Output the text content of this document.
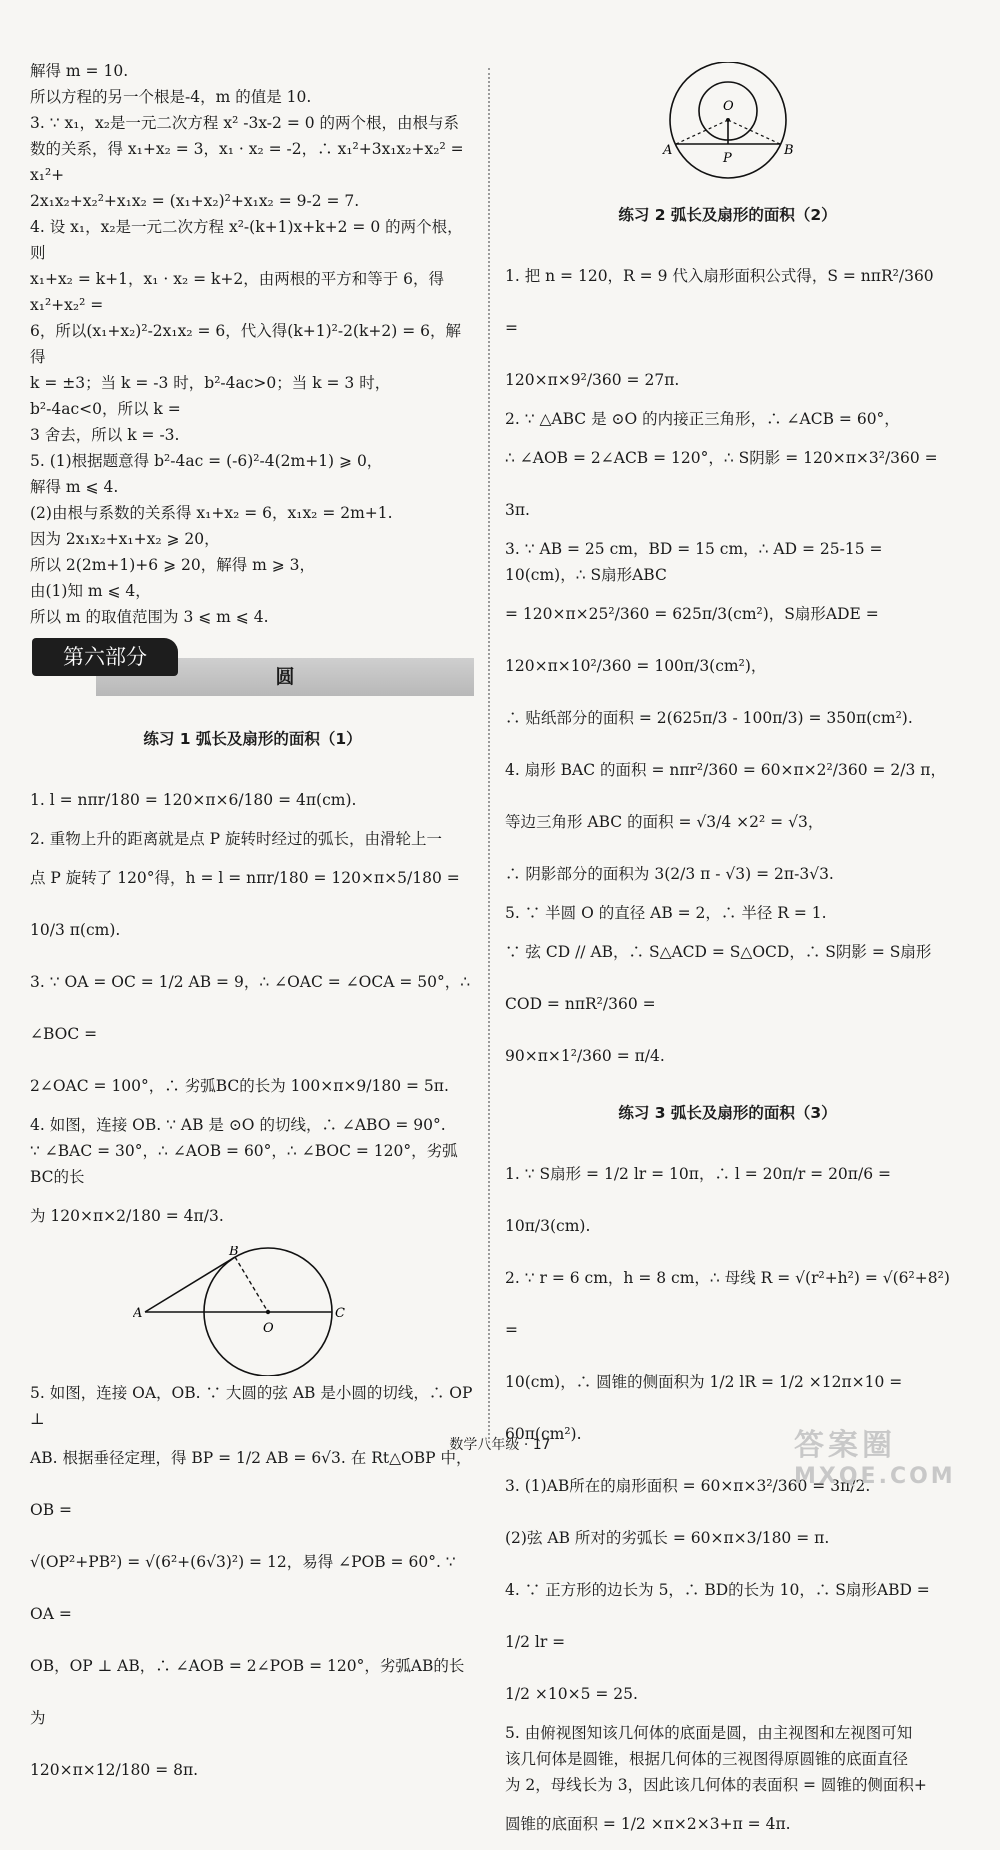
解得 m = 10.

所以方程的另一个根是-4，m 的值是 10.

3. ∵ x₁，x₂是一元二次方程 x² -3x-2 = 0 的两个根，由根与系

数的关系，得 x₁+x₂ = 3，x₁ · x₂ = -2，∴ x₁²+3x₁x₂+x₂² = x₁²+

2x₁x₂+x₂²+x₁x₂ = (x₁+x₂)²+x₁x₂ = 9-2 = 7.

4. 设 x₁，x₂是一元二次方程 x²-(k+1)x+k+2 = 0 的两个根，则

x₁+x₂ = k+1，x₁ · x₂ = k+2，由两根的平方和等于 6，得 x₁²+x₂² =

6，所以(x₁+x₂)²-2x₁x₂ = 6，代入得(k+1)²-2(k+2) = 6，解得

k = ±3；当 k = -3 时，b²-4ac>0；当 k = 3 时，b²-4ac<0，所以 k =

3 舍去，所以 k = -3.

5. (1)根据题意得 b²-4ac = (-6)²-4(2m+1) ⩾ 0，

解得 m ⩽ 4.

(2)由根与系数的关系得 x₁+x₂ = 6，x₁x₂ = 2m+1.

因为 2x₁x₂+x₁+x₂ ⩾ 20，

所以 2(2m+1)+6 ⩾ 20，解得 m ⩾ 3，

由(1)知 m ⩽ 4，

所以 m 的取值范围为 3 ⩽ m ⩽ 4.

第六部分
圆
练习 1 弧长及扇形的面积（1）

1. l = nπr/180 = 120×π×6/180 = 4π(cm).

2. 重物上升的距离就是点 P 旋转时经过的弧长，由滑轮上一

点 P 旋转了 120°得，h = l = nπr/180 = 120×π×5/180 = 10/3 π(cm).

3. ∵ OA = OC = 1/2 AB = 9，∴ ∠OAC = ∠OCA = 50°，∴ ∠BOC =

2∠OAC = 100°，∴ 劣弧BC的长为 100×π×9/180 = 5π.

4. 如图，连接 OB. ∵ AB 是 ⊙O 的切线，∴ ∠ABO = 90°.

∵ ∠BAC = 30°，∴ ∠AOB = 60°，∴ ∠BOC = 120°，劣弧BC的长

为 120×π×2/180 = 4π/3.

A
B
C
O

5. 如图，连接 OA，OB. ∵ 大圆的弦 AB 是小圆的切线，∴ OP ⊥

AB. 根据垂径定理，得 BP = 1/2 AB = 6√3. 在 Rt△OBP 中，OB =

√(OP²+PB²) = √(6²+(6√3)²) = 12，易得 ∠POB = 60°. ∵ OA =

OB，OP ⊥ AB，∴ ∠AOB = 2∠POB = 120°，劣弧AB的长为

120×π×12/180 = 8π.

O
A	B
P
练习 2 弧长及扇形的面积（2）

1. 把 n = 120，R = 9 代入扇形面积公式得，S = nπR²/360 =

120×π×9²/360 = 27π.

2. ∵ △ABC 是 ⊙O 的内接正三角形，∴ ∠ACB = 60°，

∴ ∠AOB = 2∠ACB = 120°，∴ S阴影 = 120×π×3²/360 = 3π.

3. ∵ AB = 25 cm，BD = 15 cm，∴ AD = 25-15 = 10(cm)，∴ S扇形ABC

= 120×π×25²/360 = 625π/3(cm²)，S扇形ADE = 120×π×10²/360 = 100π/3(cm²)，

∴ 贴纸部分的面积 = 2(625π/3 - 100π/3) = 350π(cm²).

4. 扇形 BAC 的面积 = nπr²/360 = 60×π×2²/360 = 2/3 π，

等边三角形 ABC 的面积 = √3/4 ×2² = √3，

∴ 阴影部分的面积为 3(2/3 π - √3) = 2π-3√3.

5. ∵ 半圆 O 的直径 AB = 2，∴ 半径 R = 1.

∵ 弦 CD // AB，∴ S△ACD = S△OCD，∴ S阴影 = S扇形COD = nπR²/360 =

90×π×1²/360 = π/4.

练习 3 弧长及扇形的面积（3）

1. ∵ S扇形 = 1/2 lr = 10π，∴ l = 20π/r = 20π/6 = 10π/3(cm).

2. ∵ r = 6 cm，h = 8 cm，∴ 母线 R = √(r²+h²) = √(6²+8²) =

10(cm)，∴ 圆锥的侧面积为 1/2 lR = 1/2 ×12π×10 = 60π(cm²).

3. (1)AB所在的扇形面积 = 60×π×3²/360 = 3π/2.

(2)弦 AB 所对的劣弧长 = 60×π×3/180 = π.

4. ∵ 正方形的边长为 5，∴ BD的长为 10，∴ S扇形ABD = 1/2 lr =

1/2 ×10×5 = 25.

5. 由俯视图知该几何体的底面是圆，由主视图和左视图可知

该几何体是圆锥，根据几何体的三视图得原圆锥的底面直径

为 2，母线长为 3，因此该几何体的表面积 = 圆锥的侧面积+

圆锥的底面积 = 1/2 ×π×2×3+π = 4π.

数学八年级 · 17	答案圈
MXQE.COM
